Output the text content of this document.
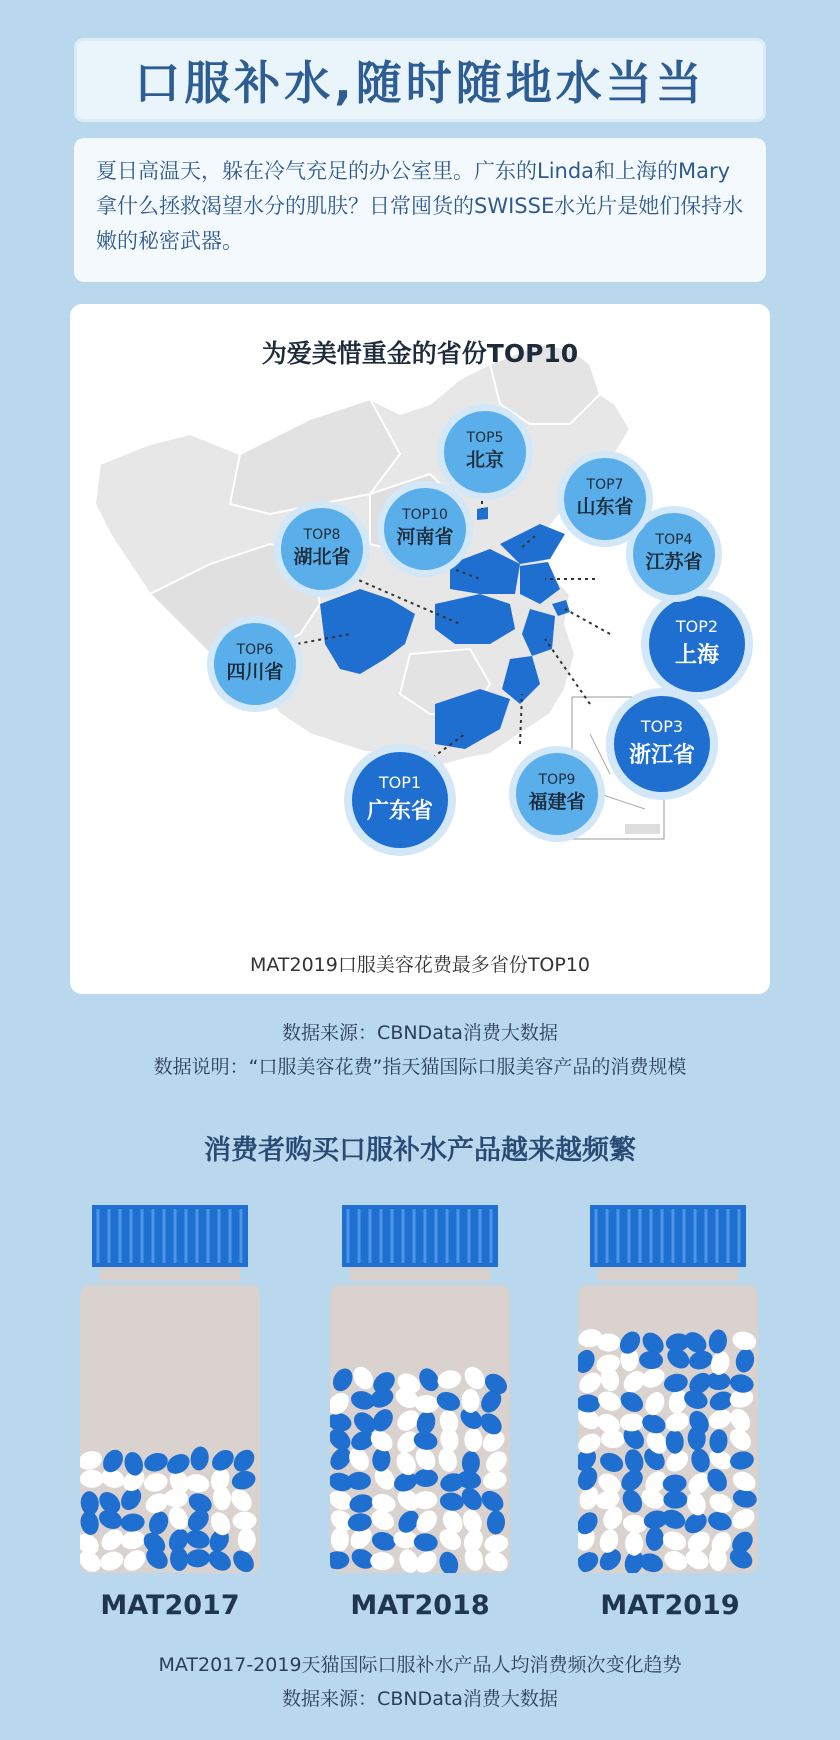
口服补水,随时随地水当当

夏日高温天，躲在冷气充足的办公室里。广东的Linda和上海的Mary拿什么拯救渴望水分的肌肤？日常囤货的SWISSE水光片是她们保持水嫩的秘密武器。

TOP1
广东省
TOP2
上海
TOP3
浙江省
TOP4
江苏省
TOP5
北京
TOP6
四川省
TOP7
山东省
TOP8
湖北省
TOP9
福建省
TOP10
河南省
为爱美惜重金的省份TOP10
MAT2019口服美容花费最多省份TOP10
数据来源：CBNData消费大数据
数据说明：“口服美容花费”指天猫国际口服美容产品的消费规模
消费者购买口服补水产品越来越频繁
MAT2017	MAT2018	MAT2019
MAT2017-2019天猫国际口服补水产品人均消费频次变化趋势
数据来源：CBNData消费大数据
